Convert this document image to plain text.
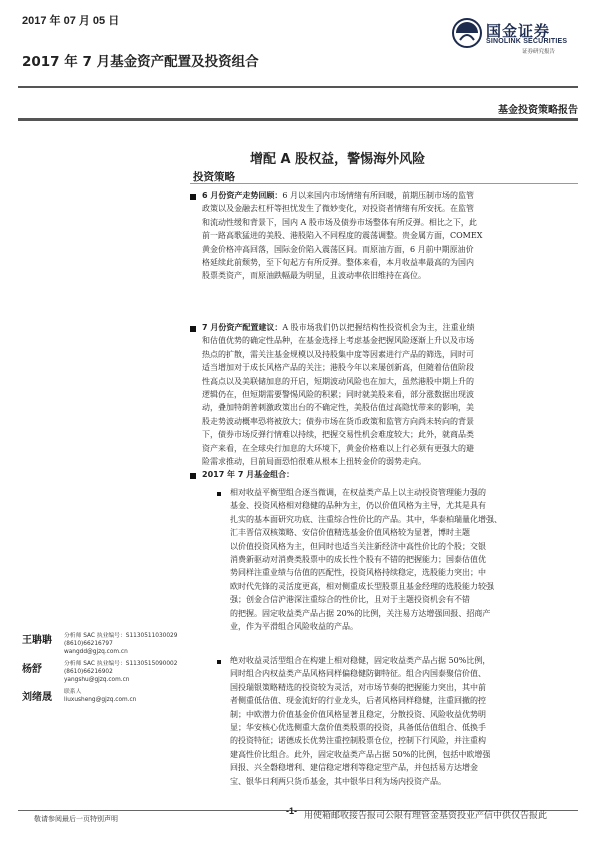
2017 年 07 月 05 日
国金证券
SINOLINK SECURITIES
证券研究报告
2017 年 7 月基金资产配置及投资组合
基金投资策略报告
增配 A 股权益，警惕海外风险
投资策略
6 月份资产走势回顾：6 月以来国内市场情绪有所回暖，前期压制市场的监管
政策以及金融去杠杆等担忧发生了微妙变化，对投资者情绪有所安抚。在监管
和流动性缓和背景下，国内 A 股市场及债券市场整体有所反弹。相比之下，此
前一路高歌猛进的美股、港股陷入不同程度的震荡调整。贵金属方面，COMEX
黄金价格冲高回落，国际金价陷入震荡区间。而原油方面，6 月前中期原油价
格延续此前颓势，至下旬起方有所反弹。整体来看，本月收益率最高的为国内
股票类资产，而原油跌幅最为明显，且波动率依旧维持在高位。
7 月份资产配置建议：A 股市场我们仍以把握结构性投资机会为主，注重业绩
和估值优势的确定性品种，在基金选择上考虑基金把握风险逐渐上升以及市场
热点的扩散，需关注基金规模以及持股集中度等因素进行产品的筛选，同时可
适当增加对于成长风格产品的关注；港股今年以来屡创新高，但随着估值阶段
性高点以及美联储加息的开启，短期波动风险也在加大，虽然港股中期上升的
逻辑仍在，但短期需要警惕风险的积累；同时就美股来看，部分涨数据出现波
动，叠加特朗普刺激政策出台的不确定性，美股估值过高隐忧带来的影响，美
股走势波动概率恐将被放大；债券市场在货币政策和监管方向尚未转向的背景
下，债券市场反弹行情难以持续，把握交易性机会难度较大；此外，就商品类
资产来看，在全球央行加息的大环境下，黄金价格难以上行必须有更强大的避
险需求推动，目前局面恐怕很难从根本上扭转金价的弱势走向。
2017 年 7 月基金组合：
相对收益平衡型组合逐当微调，在权益类产品上以主动投资管理能力强的
基金、投资风格相对稳健的品种为主，仍以价值风格为主导，尤其是具有
扎实的基本面研究功底、注重综合性价比的产品。其中，华泰柏瑞量化增强、
汇丰晋信双核策略、安信价值精选基金价值风格较为显著，博时主题
以价值投资风格为主，但同时也适当关注新经济中高性价比的个股；交银
消费新驱动对消费类股票中的成长性个股有不错的把握能力；国泰估值优
势同样注重业绩与估值的匹配性，投资风格持续稳定，选股能力突出；中
欧时代先锋的灵活度更高，相对侧重成长型股票且基金经理的选股能力较强
强；创金合信沪港深注重综合的性价比，且对于主题投资机会有不错
的把握。固定收益类产品占据 20%的比例，关注易方达增强回报、招商产
业，作为平滑组合风险收益的产品。
绝对收益灵活型组合在构建上相对稳健，固定收益类产品占据 50%比例，
同时组合内权益类产品风格同样偏稳健防御特征。组合内国泰聚信价值、
国投瑞银策略精选的投资较为灵活，对市场节奏的把握能力突出，其中前
者侧重低估值、现金流好的行业龙头，后者风格同样稳健，注重回撤的控
制；中欧潜力价值基金价值风格显著且稳定，分散投资、风险收益优势明
显；华安核心优选侧重大盘价值类股票的投资，具备低估值组合、低换手
的投资特征；诺德成长优势注重控制股票仓位，控制下行风险，并注重构
建高性价比组合。此外，固定收益类产品占据 50%的比例，包括中欧增强
回报、兴全磐稳增利、建信稳定增利等稳定型产品，并包括易方达增金
宝、银华日利两只货币基金，其中银华日利为场内投资产品。
王聃聃 分析师 SAC 执业编号：S1130511030029
(8610)66216797
wangdd@gjzq.com.cn
杨舒	分析师 SAC 执业编号：S1130515090002
(8610)66216902
yangshu@gjzq.com.cn
刘绪晟 联系人
liuxusheng@gjzq.com.cn
敬请参阅最后一页特别声明
-1- 用使箱邮收接告报司公限有理管金基资投业产信中供仅告报此
